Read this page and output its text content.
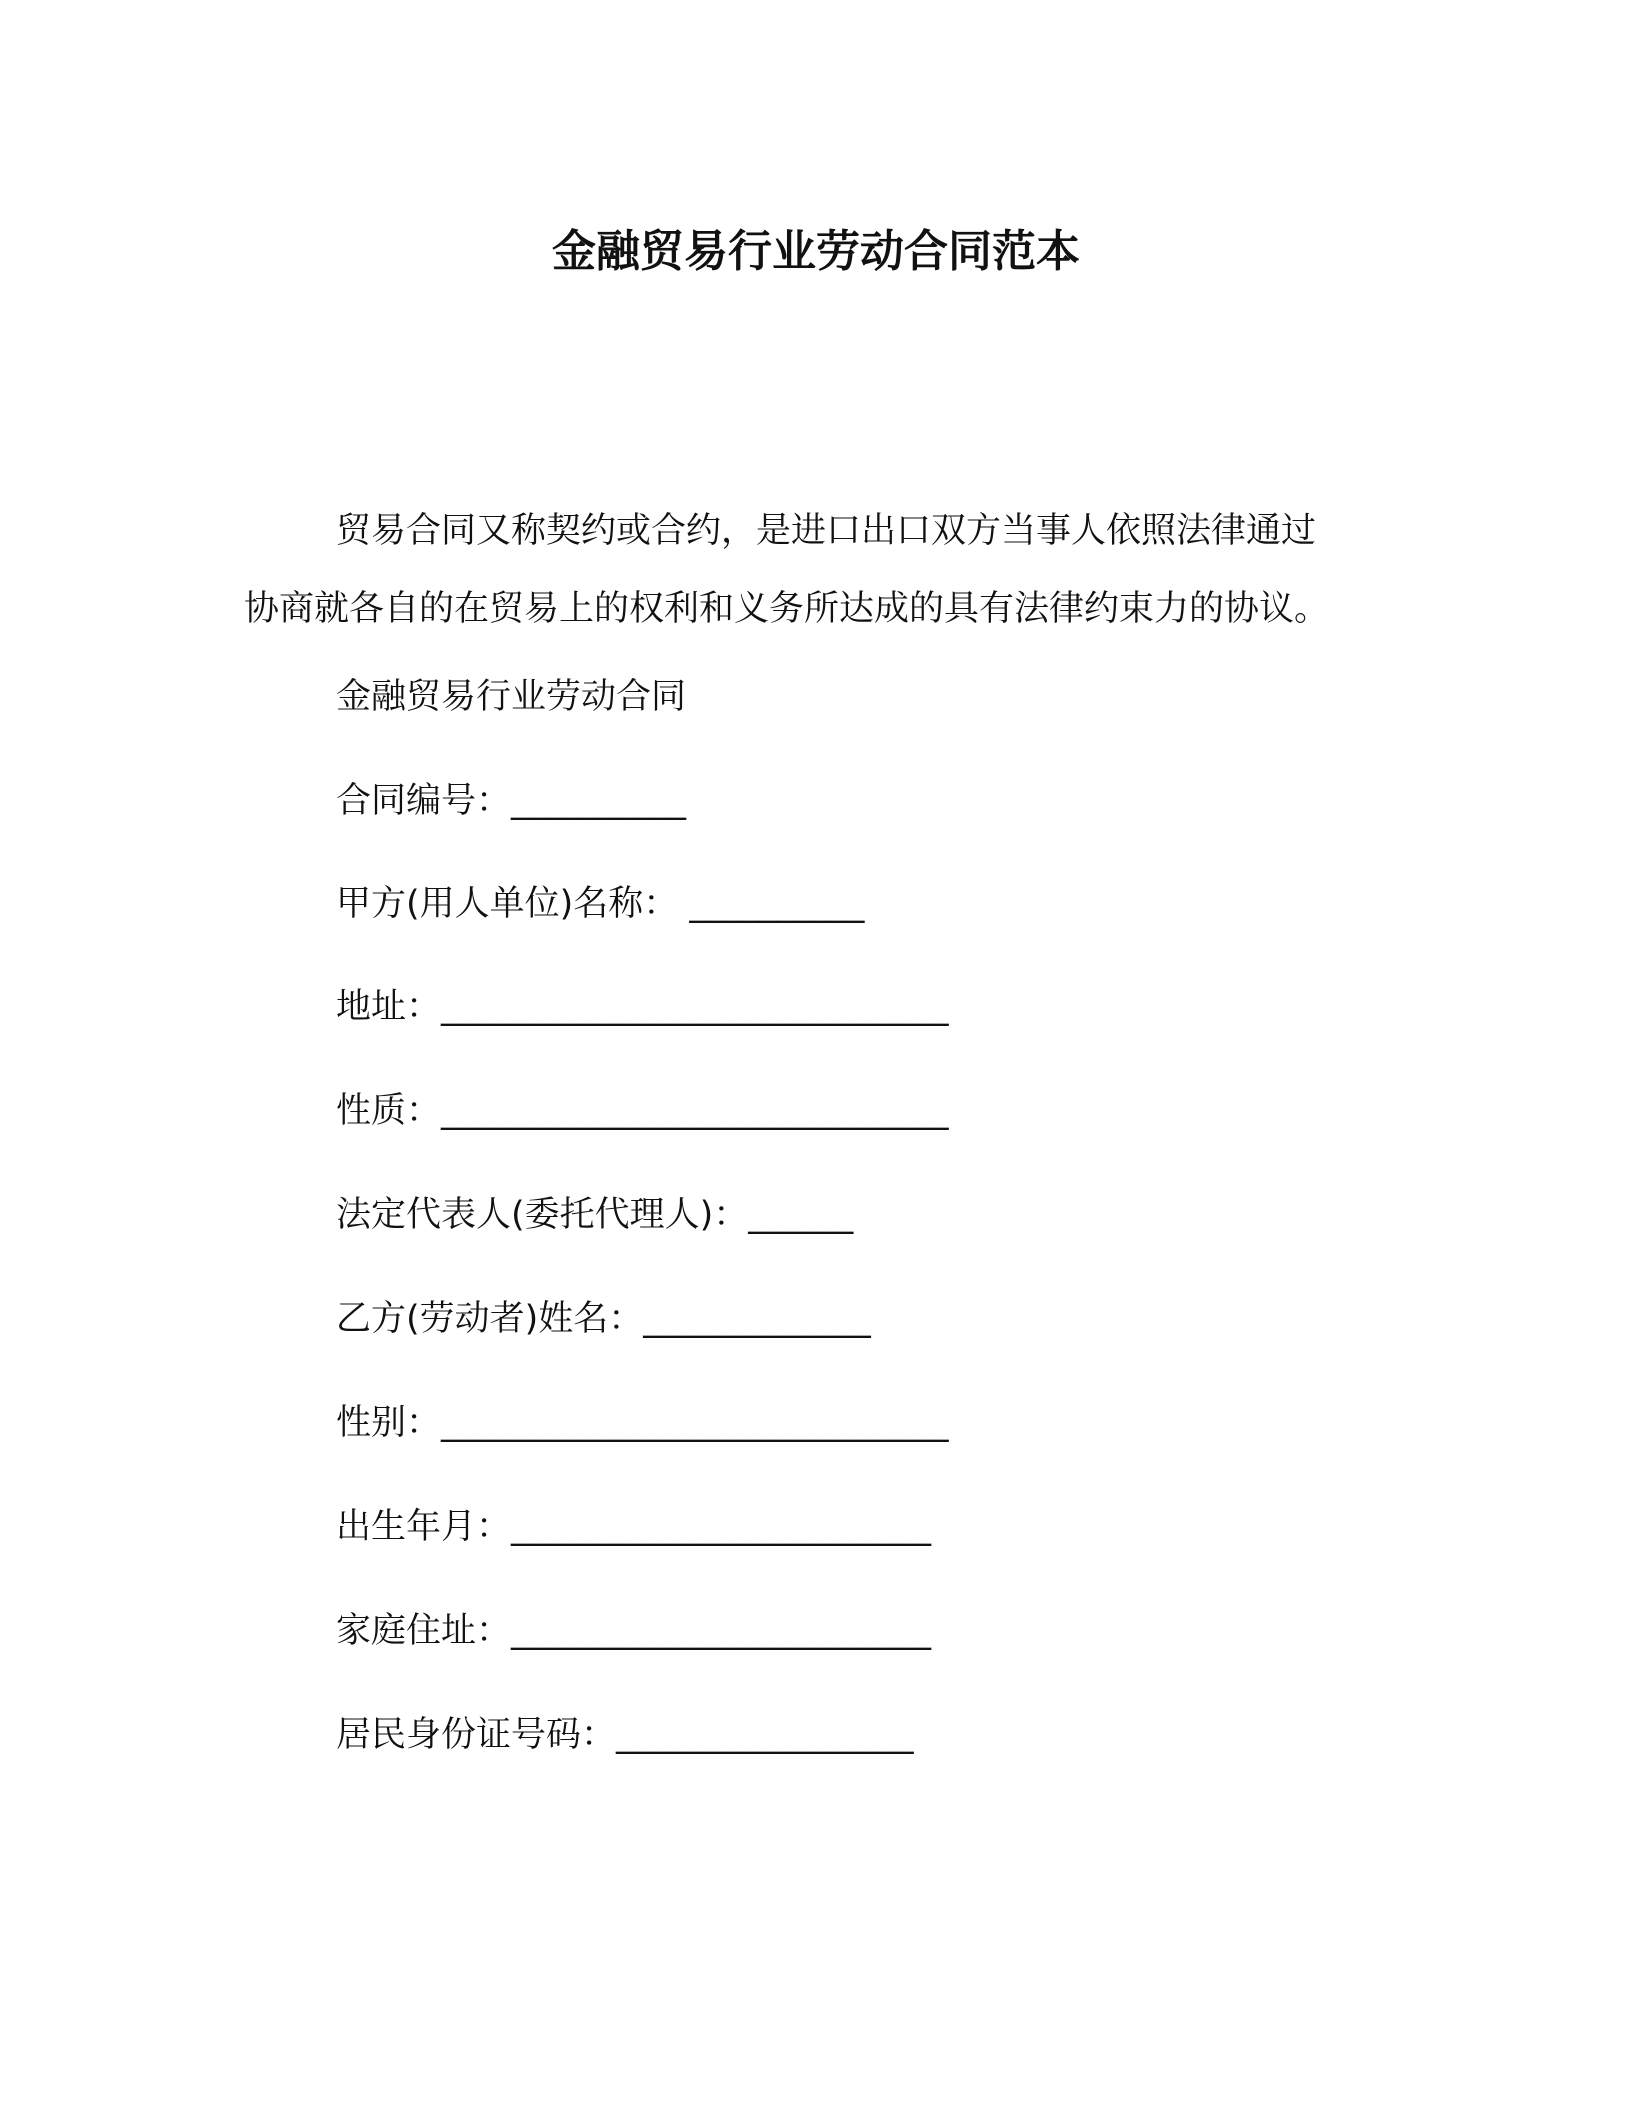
金融贸易行业劳动合同范本
贸易合同又称契约或合约，是进口出口双方当事人依照法律通过
协商就各自的在贸易上的权利和义务所达成的具有法律约束力的协议。
金融贸易行业劳动合同
合同编号：__________
甲方(用人单位)名称： __________
地址：_____________________________
性质：_____________________________
法定代表人(委托代理人)：______
乙方(劳动者)姓名：_____________
性别：_____________________________
出生年月：________________________
家庭住址：________________________
居民身份证号码：_________________
